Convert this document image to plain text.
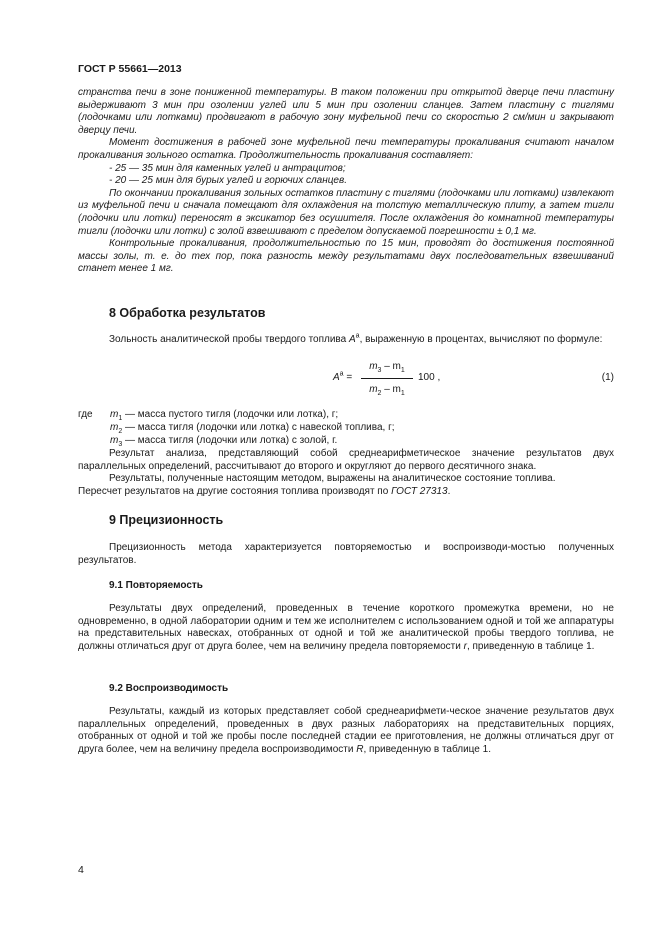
ГОСТ Р 55661—2013

странства печи в зоне пониженной температуры. В таком положении при открытой дверце печи пластину выдерживают 3 мин при озолении углей или 5 мин при озолении сланцев. Затем пластину с тиглями (лодочками или лотками) продвигают в рабочую зону муфельной печи со скоростью 2 см/мин и закрывают дверцу печи.

Момент достижения в рабочей зоне муфельной печи температуры прокаливания считают началом прокаливания зольного остатка. Продолжительность прокаливания составляет:

- 25 — 35 мин для каменных углей и антрацитов;

- 20 — 25 мин для бурых углей и горючих сланцев.

По окончании прокаливания зольных остатков пластину с тиглями (лодочками или лотками) извлекают из муфельной печи и сначала помещают для охлаждения на толстую металлическую плиту, а затем тигли (лодочки или лотки) переносят в эксикатор без осушителя. После охлаждения до комнатной температуры тигли (лодочки или лотки) с золой взвешивают с пределом допускаемой погрешности ± 0,1 мг.

Контрольные прокаливания, продолжительностью по 15 мин, проводят до достижения постоянной массы золы, т. е. до тех пор, пока разность между результатами двух последовательных взвешиваний станет менее 1 мг.

8 Обработка результатов

Зольность аналитической пробы твердого топлива $A^a$, выраженную в процентах, вычисляют по формуле:

$A^a$ =
$m_3 - m_1$
$m_2 - m_1$
100 ,	(1)
где $m_1$ — масса пустого тигля (лодочки или лотка), г;
$m_2$ — масса тигля (лодочки или лотка) с навеской топлива, г;
$m_3$ — масса тигля (лодочки или лотка) с золой, г.

Результат анализа, представляющий собой среднеарифметическое значение результатов двух параллельных определений, рассчитывают до второго и округляют до первого десятичного знака.

Результаты, полученные настоящим методом, выражены на аналитическое состояние топлива.

Пересчет результатов на другие состояния топлива производят по ГОСТ 27313.

9 Прецизионность

Прецизионность метода характеризуется повторяемостью и воспроизводи-мостью полученных результатов.

9.1 Повторяемость

Результаты двух определений, проведенных в течение короткого промежутка времени, но не одновременно, в одной лаборатории одним и тем же исполнителем с использованием одной и той же аппаратуры на представительных навесках, отобранных от одной и той же аналитической пробы твердого топлива, не должны отличаться друг от друга более, чем на величину предела повторяемости r, приведенную в таблице 1.

9.2 Воспроизводимость

Результаты, каждый из которых представляет собой среднеарифмети-ческое значение результатов двух параллельных определений, проведенных в двух разных лабораториях на представительных порциях, отобранных от одной и той же пробы после последней стадии ее приготовления, не должны отличаться друг от друга более, чем на величину предела воспроизводимости R, приведенную в таблице 1.

4
